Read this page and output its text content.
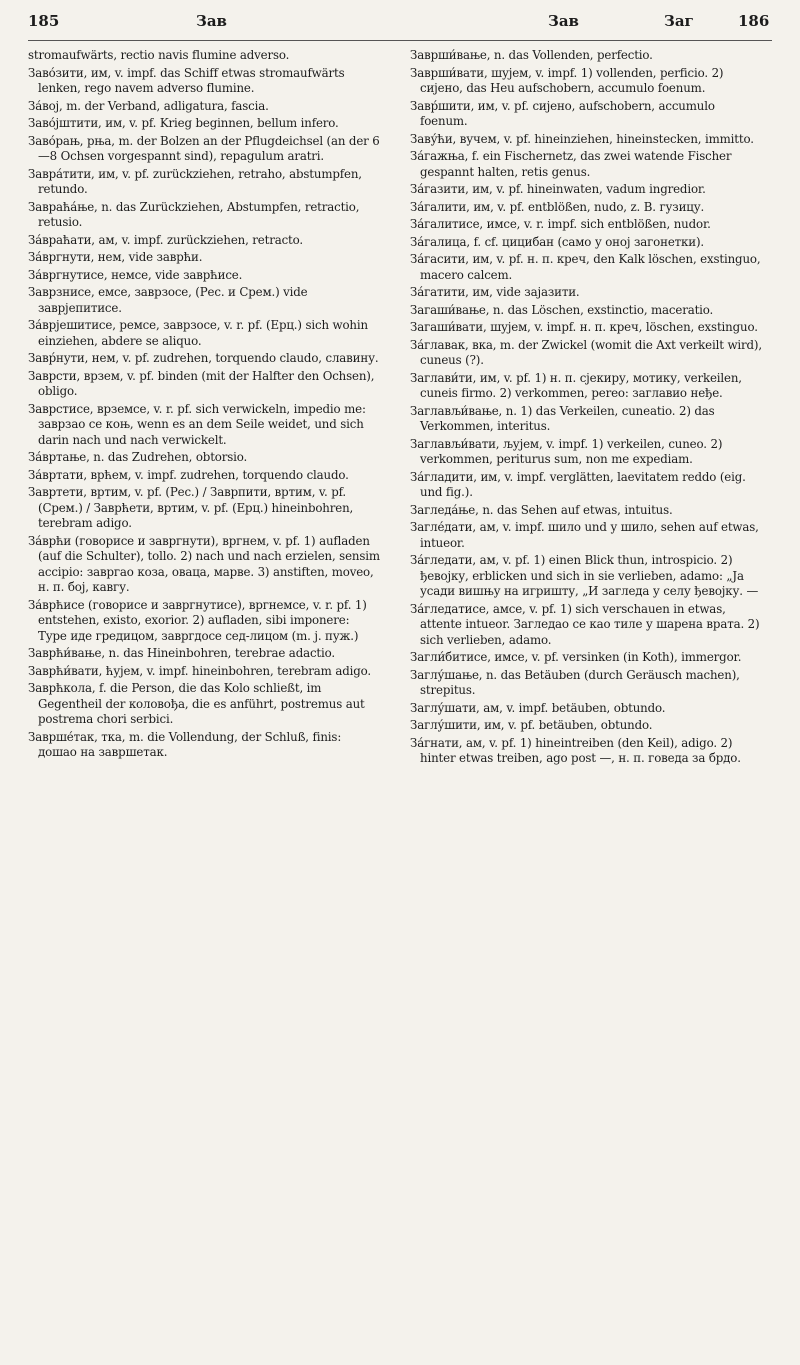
185	Зав	Зав	Заг	186

stromaufwärts, rectio navis flumine adverso.

Заво́зити, им, v. impf. das Schiff etwas stromaufwärts lenken, rego navem adverso flumine.

За́вој, m. der Verband, adligatura, fascia.

Заво́јштити, им, v. pf. Krieg beginnen, bellum infero.

Заво́рањ, рња, m. der Bolzen an der Pflugdeichsel (an der 6—8 Ochsen vorgespannt sind), repagulum aratri.

Завра́тити, им, v. pf. zurückziehen, retraho, abstumpfen, retundo.

Завраћа́ње, n. das Zurückziehen, Abstumpfen, retractio, retusio.

За́враћати, ам, v. impf. zurückziehen, retracto.

За́вргнути, нем, vide заврћи.

За́вргнутисе, немсе, vide заврћисе.

Заврзнисе, емсе, заврзосе, (Рес. и Срем.) vide заврјепитисе.

За́врјешитисе, ремсе, заврзосе, v. r. pf. (Ерц.) sich wohin einziehen, abdere se aliquo.

Завр́нути, нем, v. pf. zudrehen, torquendo claudo, славину.

Заврсти, врзем, v. pf. binden (mit der Halfter den Ochsen), obligo.

Заврстисе, врземсе, v. r. pf. sich verwickeln, impedio me: заврзао се коњ, wenn es an dem Seile weidet, und sich darin nach und nach verwickelt.

За́вртање, n. das Zudrehen, obtorsio.

За́вртати, врћем, v. impf. zudrehen, torquendo claudo.

Завртети, вртим, v. pf. (Рес.) / Заврпити, вртим, v. pf. (Срем.) / Заврћети, вртим, v. pf. (Ерц.) hineinbohren, terebram adigo.

За́врћи (говорисе и завргнути), вргнем, v. pf. 1) aufladen (auf die Schulter), tollo. 2) nach und nach erzielen, sensim accipio: завргао коза, оваца, марве. 3) anstiften, moveo, н. п. бој, кавгу.

За́врћисе (говорисе и завргнутисе), вргнемсе, v. r. pf. 1) entstehen, existo, exorior. 2) aufladen, sibi imponere: Туре иде гредицом, завргдосе сед-лицом (m. j. пуж.)

Заврћи́вање, n. das Hineinbohren, terebrae adactio.

Заврћи́вати, ћујем, v. impf. hineinbohren, terebram adigo.

Заврћкола, f. die Person, die das Kolo schließt, im Gegentheil der коловођа, die es anführt, postremus aut postrema chori serbici.

Заврше́так, тка, m. die Vollendung, der Schluß, finis: дошао на завршетак.

Заврши́вање, n. das Vollenden, perfectio.

Заврши́вати, шујем, v. impf. 1) vollenden, perficio. 2) сијено, das Heu aufschobern, accumulo foenum.

Завр́шити, им, v. pf. сијено, aufschobern, accumulo foenum.

Заву́ћи, вучем, v. pf. hineinziehen, hineinstecken, immitto.

За́гажња, f. ein Fischernetz, das zwei watende Fischer gespannt halten, retis genus.

За́газити, им, v. pf. hineinwaten, vadum ingredior.

За́галити, им, v. pf. entblößen, nudo, z. B. гузицу.

За́галитисе, имсе, v. r. impf. sich entblößen, nudor.

За́галица, f. cf. цицибан (само у оној загонетки).

За́гасити, им, v. pf. н. п. креч, den Kalk löschen, exstinguo, macero calcem.

За́гатити, им, vide зајазити.

Загаши́вање, n. das Löschen, exstinctio, maceratio.

Загаши́вати, шујем, v. impf. н. п. креч, löschen, exstinguo.

За́главак, вка, m. der Zwickel (womit die Axt verkeilt wird), cuneus (?).

Заглави́ти, им, v. pf. 1) н. п. сјекиру, мотику, verkeilen, cuneis firmo. 2) verkommen, pereo: заглавио неђе.

Заглављи́вање, n. 1) das Verkeilen, cuneatio. 2) das Verkommen, interitus.

Заглављи́вати, љујем, v. impf. 1) verkeilen, cuneo. 2) verkommen, periturus sum, non me expediam.

За́гладити, им, v. impf. verglätten, laevitatem reddo (eig. und fig.).

Загледа́ње, n. das Sehen auf etwas, intuitus.

Загле́дати, ам, v. impf. шило und у шило, sehen auf etwas, intueor.

За́гледати, ам, v. pf. 1) einen Blick thun, introspicio. 2) ђевојку, erblicken und sich in sie verlieben, adamo: „Ја усади вишњу на игришту, „И загледа у селу ђевојку. —

За́гледатисе, амсе, v. pf. 1) sich verschauen in etwas, attente intueor. Загледао се као тиле у шарена врата. 2) sich verlieben, adamo.

Загли́битисе, имсе, v. pf. versinken (in Koth), immergor.

Заглу́шање, n. das Betäuben (durch Geräusch machen), strepitus.

Заглу́шати, ам, v. impf. betäuben, obtundo.

Заглу́шити, им, v. pf. betäuben, obtundo.

За́гнати, ам, v. pf. 1) hineintreiben (den Keil), adigo. 2) hinter etwas treiben, ago post —, н. п. говеда за брдо.
